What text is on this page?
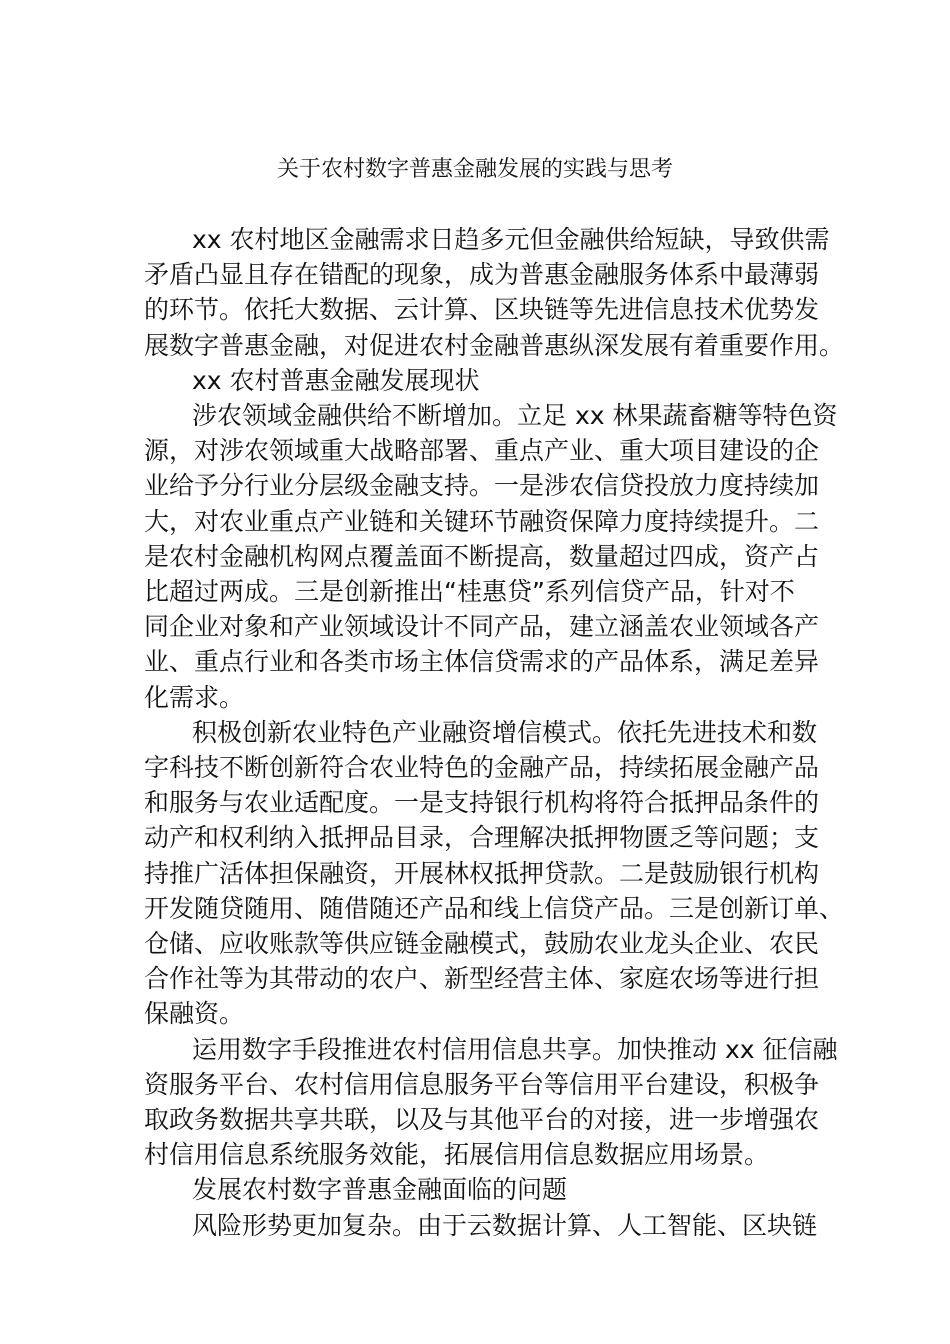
关于农村数字普惠金融发展的实践与思考
xx 农村地区金融需求日趋多元但金融供给短缺，导致供需
矛盾凸显且存在错配的现象，成为普惠金融服务体系中最薄弱
的环节。依托大数据、云计算、区块链等先进信息技术优势发
展数字普惠金融，对促进农村金融普惠纵深发展有着重要作用。
xx 农村普惠金融发展现状
涉农领域金融供给不断增加。立足 xx 林果蔬畜糖等特色资
源，对涉农领域重大战略部署、重点产业、重大项目建设的企
业给予分行业分层级金融支持。一是涉农信贷投放力度持续加
大，对农业重点产业链和关键环节融资保障力度持续提升。二
是农村金融机构网点覆盖面不断提高，数量超过四成，资产占
比超过两成。三是创新推出“桂惠贷”系列信贷产品，针对不
同企业对象和产业领域设计不同产品，建立涵盖农业领域各产
业、重点行业和各类市场主体信贷需求的产品体系，满足差异
化需求。
积极创新农业特色产业融资增信模式。依托先进技术和数
字科技不断创新符合农业特色的金融产品，持续拓展金融产品
和服务与农业适配度。一是支持银行机构将符合抵押品条件的
动产和权利纳入抵押品目录，合理解决抵押物匮乏等问题；支
持推广活体担保融资，开展林权抵押贷款。二是鼓励银行机构
开发随贷随用、随借随还产品和线上信贷产品。三是创新订单、
仓储、应收账款等供应链金融模式，鼓励农业龙头企业、农民
合作社等为其带动的农户、新型经营主体、家庭农场等进行担
保融资。
运用数字手段推进农村信用信息共享。加快推动 xx 征信融
资服务平台、农村信用信息服务平台等信用平台建设，积极争
取政务数据共享共联，以及与其他平台的对接，进一步增强农
村信用信息系统服务效能，拓展信用信息数据应用场景。
发展农村数字普惠金融面临的问题
风险形势更加复杂。由于云数据计算、人工智能、区块链
